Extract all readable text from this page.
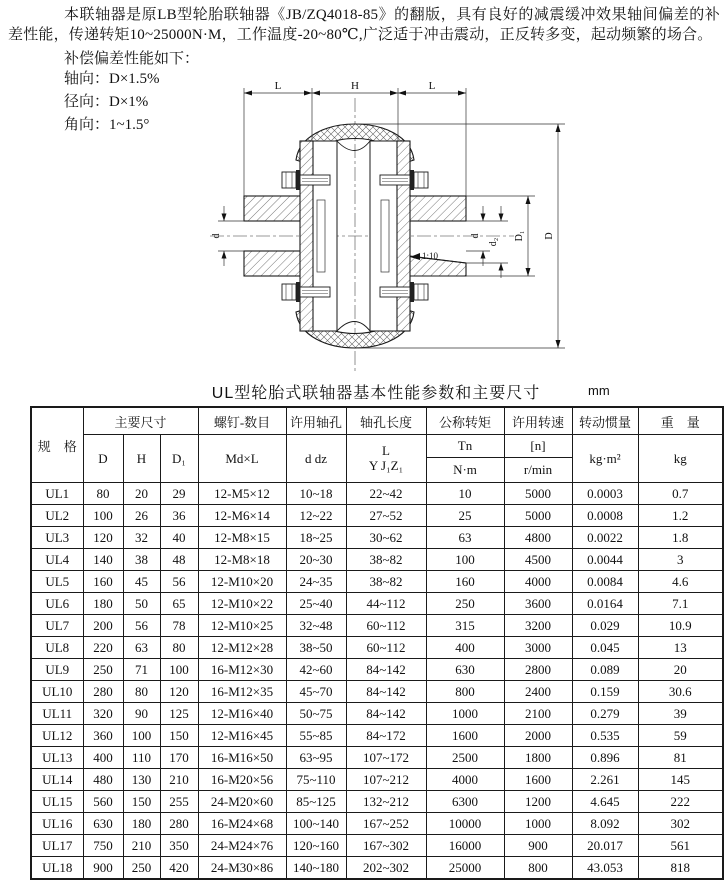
本联轴器是原LB型轮胎联轴器《JB/ZQ4018-85》的翻版，具有良好的减震缓冲效果轴间偏差的补差性能，传递转矩10~25000N·M，工作温度-20~80℃,广泛适于冲击震动，正反转多变，起动频繁的场合。
补偿偏差性能如下：
轴向：D×1.5%
径向：D×1%
角向：1~1.5°
L	H	L
d	d
d₂
D₁ D
1:10
UL型轮胎式联轴器基本性能参数和主要尺寸	mm
规　格	主要尺寸			螺钉-数目	许用轴孔	轴孔长度	公称转矩	许用转速	转动惯量	重　量
	D	H	D₁	Md×L	d dz	L
Y J₁Z₁	Tn	[n]	kg·m²	kg
							N·m	r/min		
UL1	80	20	29	12-M5×12	10~18	22~42	10	5000	0.0003	0.7
UL2	100	26	36	12-M6×14	12~22	27~52	25	5000	0.0008	1.2
UL3	120	32	40	12-M8×15	18~25	30~62	63	4800	0.0022	1.8
UL4	140	38	48	12-M8×18	20~30	38~82	100	4500	0.0044	3
UL5	160	45	56	12-M10×20	24~35	38~82	160	4000	0.0084	4.6
UL6	180	50	65	12-M10×22	25~40	44~112	250	3600	0.0164	7.1
UL7	200	56	78	12-M10×25	32~48	60~112	315	3200	0.029	10.9
UL8	220	63	80	12-M12×28	38~50	60~112	400	3000	0.045	13
UL9	250	71	100	16-M12×30	42~60	84~142	630	2800	0.089	20
UL10	280	80	120	16-M12×35	45~70	84~142	800	2400	0.159	30.6
UL11	320	90	125	12-M16×40	50~75	84~142	1000	2100	0.279	39
UL12	360	100	150	12-M16×45	55~85	84~172	1600	2000	0.535	59
UL13	400	110	170	16-M16×50	63~95	107~172	2500	1800	0.896	81
UL14	480	130	210	16-M20×56	75~110	107~212	4000	1600	2.261	145
UL15	560	150	255	24-M20×60	85~125	132~212	6300	1200	4.645	222
UL16	630	180	280	16-M24×68	100~140	167~252	10000	1000	8.092	302
UL17	750	210	350	24-M24×76	120~160	167~302	16000	900	20.017	561
UL18	900	250	420	24-M30×86	140~180	202~302	25000	800	43.053	818
